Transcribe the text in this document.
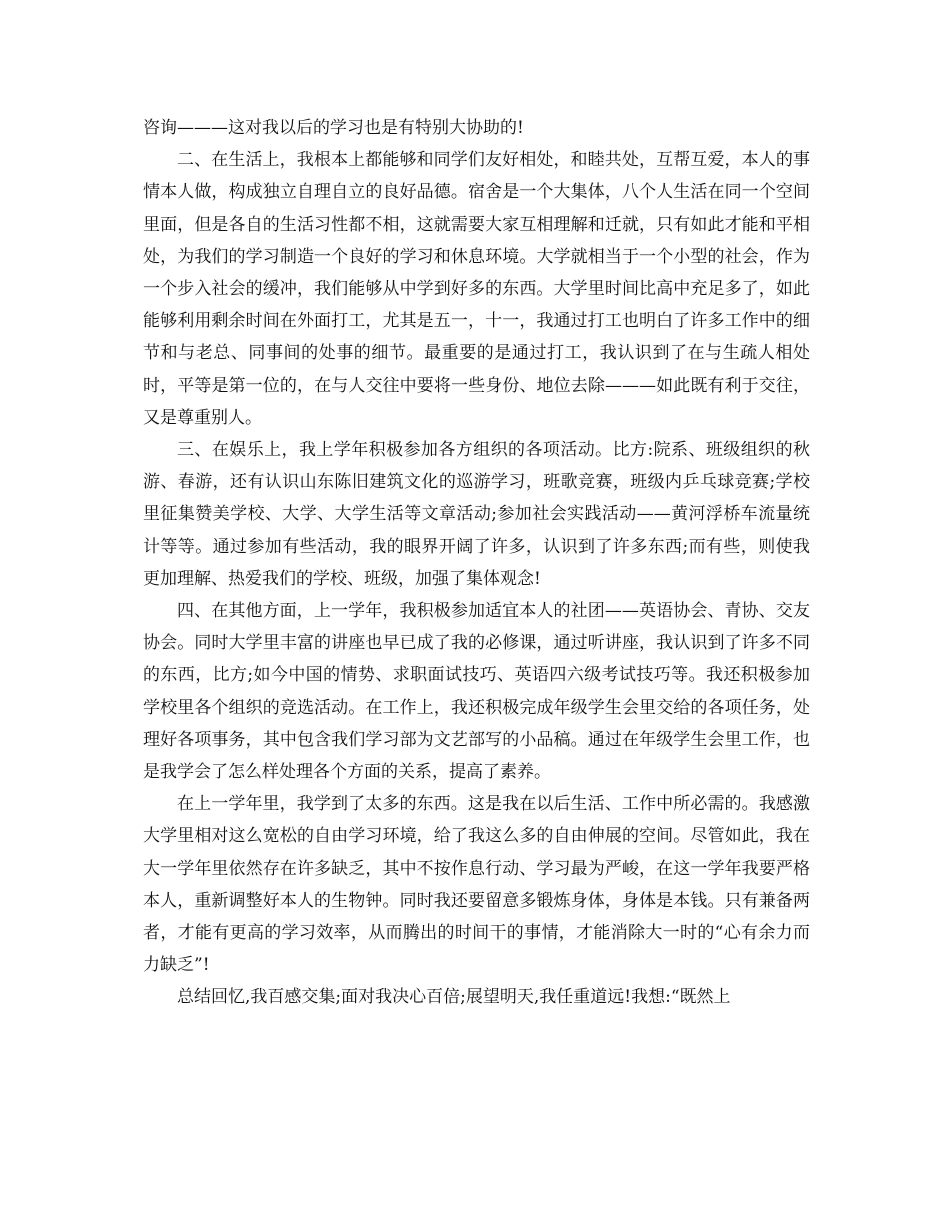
咨询———这对我以后的学习也是有特别大协助的!

二、在生活上，我根本上都能够和同学们友好相处，和睦共处，互帮互爱，本人的事情本人做，构成独立自理自立的良好品德。宿舍是一个大集体，八个人生活在同一个空间里面，但是各自的生活习性都不相，这就需要大家互相理解和迁就，只有如此才能和平相处，为我们的学习制造一个良好的学习和休息环境。大学就相当于一个小型的社会，作为一个步入社会的缓冲，我们能够从中学到好多的东西。大学里时间比高中充足多了，如此能够利用剩余时间在外面打工，尤其是五一，十一，我通过打工也明白了许多工作中的细节和与老总、同事间的处事的细节。最重要的是通过打工，我认识到了在与生疏人相处时，平等是第一位的，在与人交往中要将一些身份、地位去除———如此既有利于交往，又是尊重别人。

三、在娱乐上，我上学年积极参加各方组织的各项活动。比方:院系、班级组织的秋游、春游，还有认识山东陈旧建筑文化的巡游学习，班歌竞赛，班级内乒乓球竞赛;学校里征集赞美学校、大学、大学生活等文章活动;参加社会实践活动——黄河浮桥车流量统计等等。通过参加有些活动，我的眼界开阔了许多，认识到了许多东西;而有些，则使我更加理解、热爱我们的学校、班级，加强了集体观念!

四、在其他方面，上一学年，我积极参加适宜本人的社团——英语协会、青协、交友协会。同时大学里丰富的讲座也早已成了我的必修课，通过听讲座，我认识到了许多不同的东西，比方;如今中国的情势、求职面试技巧、英语四六级考试技巧等。我还积极参加学校里各个组织的竞选活动。在工作上，我还积极完成年级学生会里交给的各项任务，处理好各项事务，其中包含我们学习部为文艺部写的小品稿。通过在年级学生会里工作，也是我学会了怎么样处理各个方面的关系，提高了素养。

在上一学年里，我学到了太多的东西。这是我在以后生活、工作中所必需的。我感激大学里相对这么宽松的自由学习环境，给了我这么多的自由伸展的空间。尽管如此，我在大一学年里依然存在许多缺乏，其中不按作息行动、学习最为严峻，在这一学年我要严格本人，重新调整好本人的生物钟。同时我还要留意多锻炼身体，身体是本钱。只有兼备两者，才能有更高的学习效率，从而腾出的时间干的事情，才能消除大一时的“心有余力而力缺乏”!

总结回忆,我百感交集;面对我决心百倍;展望明天,我任重道远!我想:“既然上
